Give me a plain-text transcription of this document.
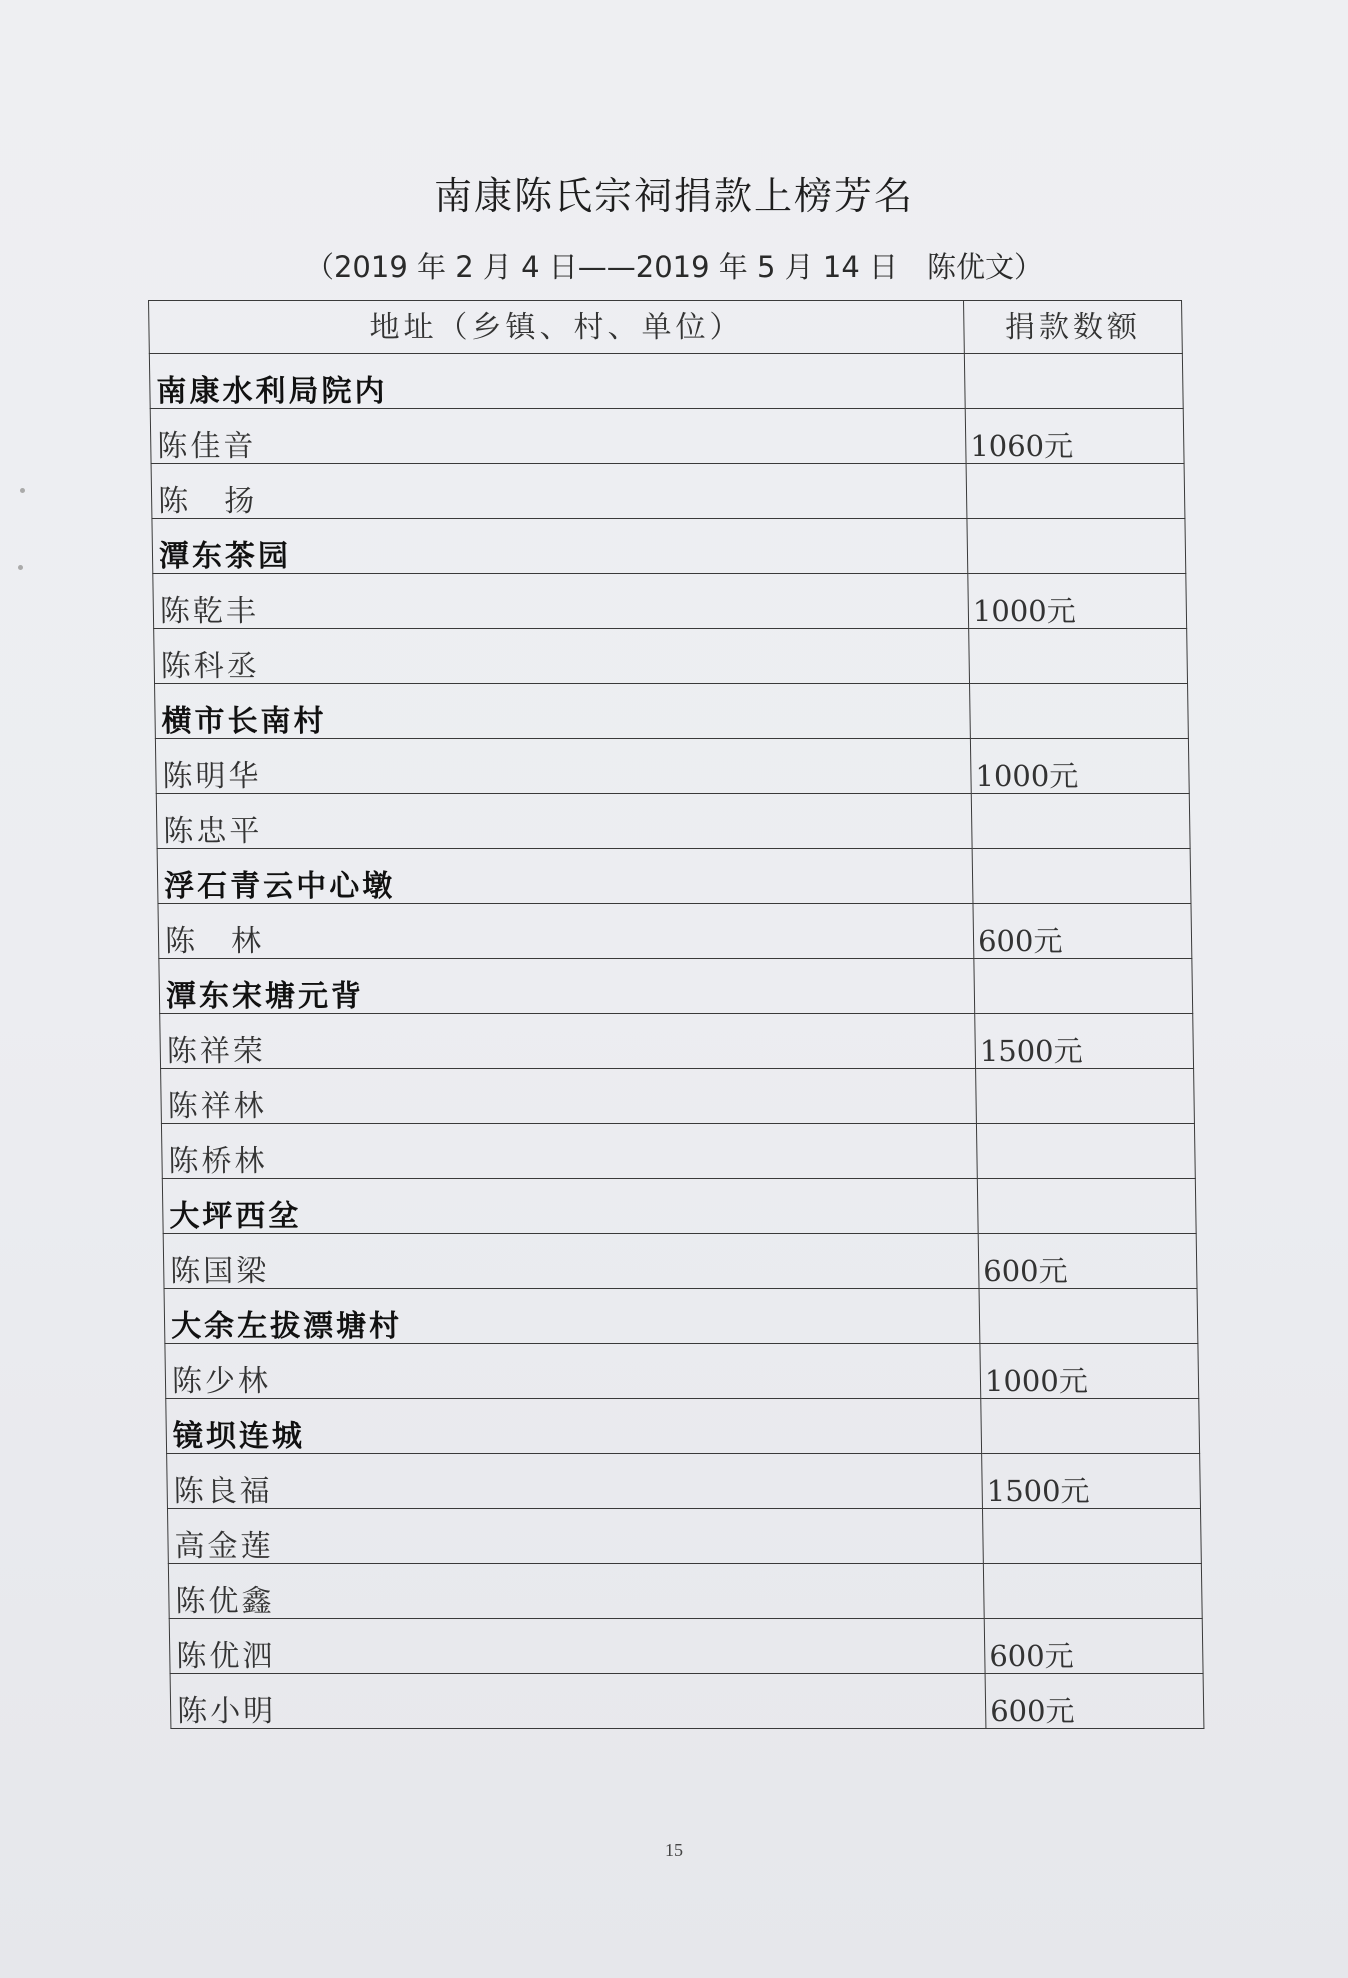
南康陈氏宗祠捐款上榜芳名
（2019 年 2 月 4 日——2019 年 5 月 14 日　陈优文）
地址（乡镇、村、单位）	捐款数额
南康水利局院内	
陈佳音	1060元
陈　扬	
潭东茶园	
陈乾丰	1000元
陈科丞	
横市长南村	
陈明华	1000元
陈忠平	
浮石青云中心墩	
陈　林	600元
潭东宋塘元背	
陈祥荣	1500元
陈祥林	
陈桥林	
大坪西坌	
陈国梁	600元
大余左拔漂塘村	
陈少林	1000元
镜坝连城	
陈良福	1500元
高金莲	
陈优鑫	
陈优泗	600元
陈小明	600元
15
